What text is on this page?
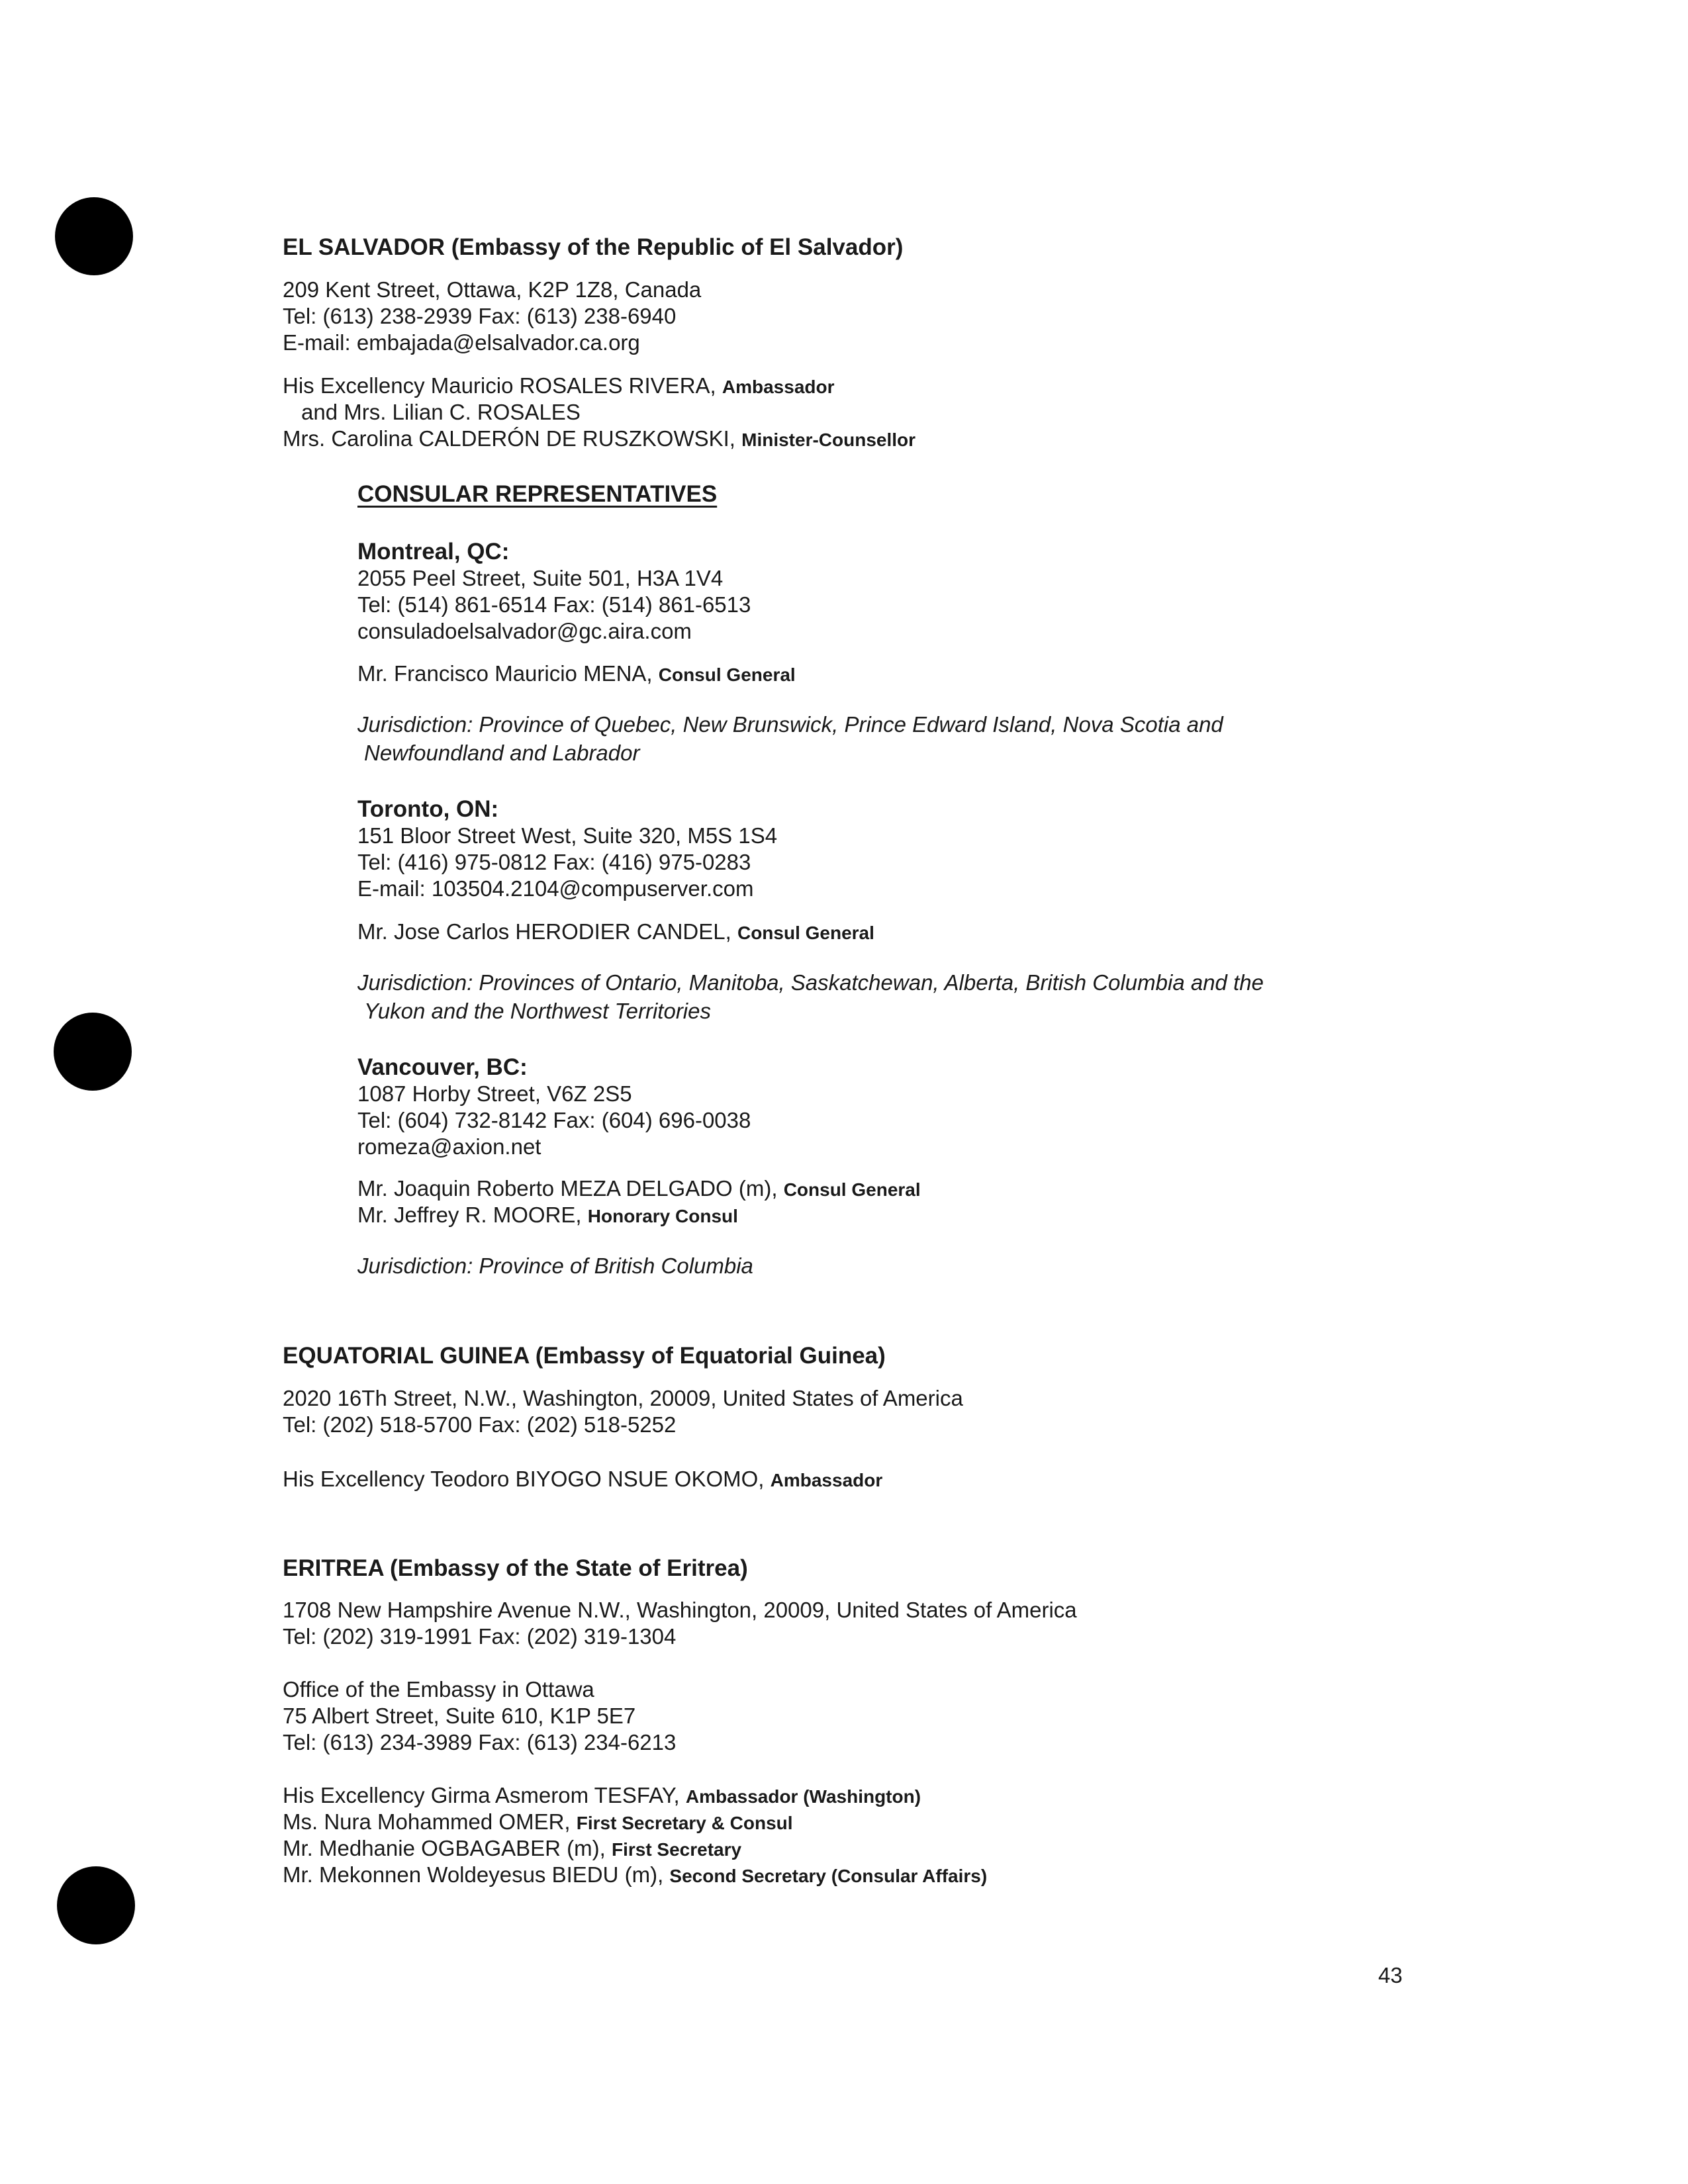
EL SALVADOR (Embassy of the Republic of El Salvador)
209 Kent Street, Ottawa, K2P 1Z8, Canada
Tel: (613) 238-2939 Fax: (613) 238-6940
E-mail: embajada@elsalvador.ca.org
His Excellency Mauricio ROSALES RIVERA, Ambassador
and Mrs. Lilian C. ROSALES
Mrs. Carolina CALDERÓN DE RUSZKOWSKI, Minister-Counsellor
CONSULAR REPRESENTATIVES
Montreal, QC:
2055 Peel Street, Suite 501, H3A 1V4
Tel: (514) 861-6514 Fax: (514) 861-6513
consuladoelsalvador@gc.aira.com
Mr. Francisco Mauricio MENA, Consul General
Jurisdiction: Province of Quebec, New Brunswick, Prince Edward Island, Nova Scotia and
Newfoundland and Labrador
Toronto, ON:
151 Bloor Street West, Suite 320, M5S 1S4
Tel: (416) 975-0812 Fax: (416) 975-0283
E-mail: 103504.2104@compuserver.com
Mr. Jose Carlos HERODIER CANDEL, Consul General
Jurisdiction: Provinces of Ontario, Manitoba, Saskatchewan, Alberta, British Columbia and the
Yukon and the Northwest Territories
Vancouver, BC:
1087 Horby Street, V6Z 2S5
Tel: (604) 732-8142 Fax: (604) 696-0038
romeza@axion.net
Mr. Joaquin Roberto MEZA DELGADO (m), Consul General
Mr. Jeffrey R. MOORE, Honorary Consul
Jurisdiction: Province of British Columbia
EQUATORIAL GUINEA (Embassy of Equatorial Guinea)
2020 16Th Street, N.W., Washington, 20009, United States of America
Tel: (202) 518-5700 Fax: (202) 518-5252
His Excellency Teodoro BIYOGO NSUE OKOMO, Ambassador
ERITREA (Embassy of the State of Eritrea)
1708 New Hampshire Avenue N.W., Washington, 20009, United States of America
Tel: (202) 319-1991 Fax: (202) 319-1304
Office of the Embassy in Ottawa
75 Albert Street, Suite 610, K1P 5E7
Tel: (613) 234-3989 Fax: (613) 234-6213
His Excellency Girma Asmerom TESFAY, Ambassador (Washington)
Ms. Nura Mohammed OMER, First Secretary & Consul
Mr. Medhanie OGBAGABER (m), First Secretary
Mr. Mekonnen Woldeyesus BIEDU (m), Second Secretary (Consular Affairs)
43
